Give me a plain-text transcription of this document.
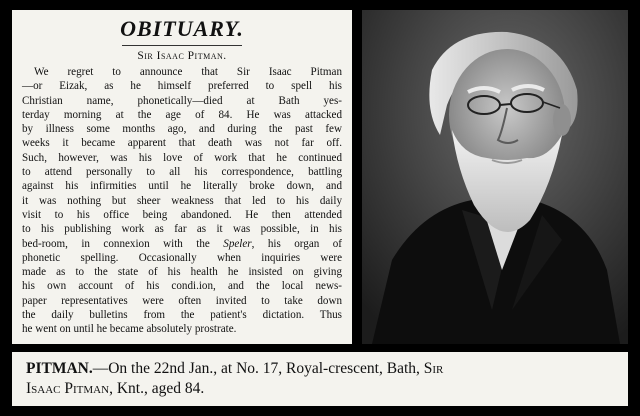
OBITUARY.
Sir Isaac Pitman.
We regret to announce that Sir Isaac Pitman
—or Eizak, as he himself preferred to spell his
Christian name, phonetically—died at Bath yes-
terday morning at the age of 84. He was attacked
by illness some months ago, and during the past few
weeks it became apparent that death was not far off.
Such, however, was his love of work that he continued
to attend personally to all his correspondence, battling
against his infirmities until he literally broke down, and
it was nothing but sheer weakness that led to his daily
visit to his office being abandoned. He then attended
to his publishing work as far as it was possible, in his
bed-room, in connexion with the Speler, his organ of
phonetic spelling. Occasionally when inquiries were
made as to the state of his health he insisted on giving
his own account of his condi.ion, and the local news-
paper representatives were often invited to take down
the daily bulletins from the patient's dictation. Thus
he went on until he became absolutely prostrate.
PITMAN.—On the 22nd Jan., at No. 17, Royal-crescent, Bath, Sir
Isaac Pitman, Knt., aged 84.
